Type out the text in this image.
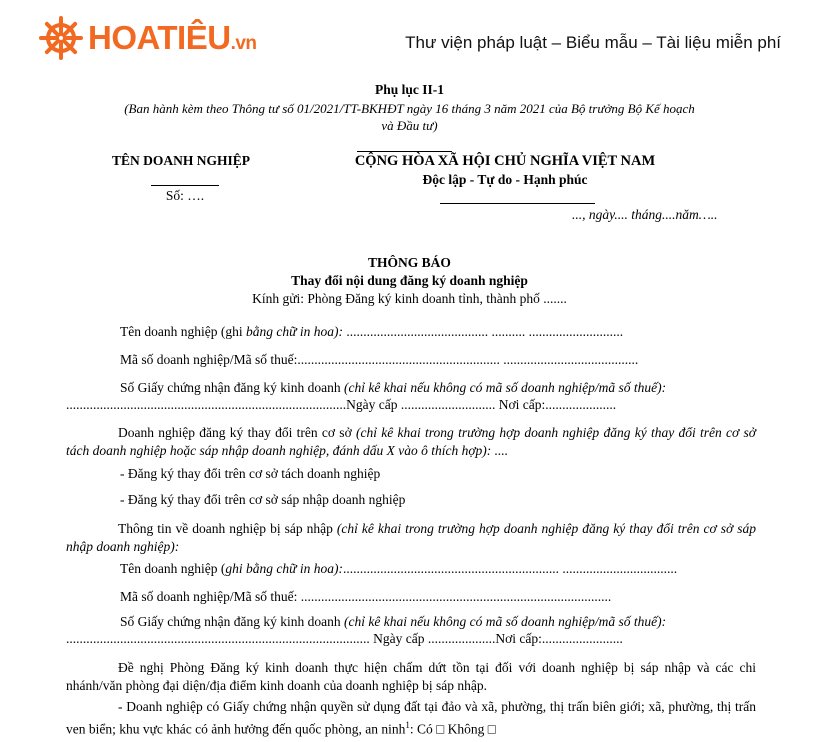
HOATIÊU.vn	Thư viện pháp luật – Biểu mẫu – Tài liệu miễn phí
Phụ lục II-1
(Ban hành kèm theo Thông tư số 01/2021/TT-BKHĐT ngày 16 tháng 3 năm 2021 của Bộ trưởng Bộ Kế hoạch
và Đầu tư)
TÊN DOANH NGHIỆP
Số: ….
CỘNG HÒA XÃ HỘI CHỦ NGHĨA VIỆT NAM
Độc lập - Tự do - Hạnh phúc
..., ngày.... tháng....năm…..
THÔNG BÁO
Thay đổi nội dung đăng ký doanh nghiệp
Kính gửi: Phòng Đăng ký kinh doanh tỉnh, thành phố .......
Tên doanh nghiệp (ghi bằng chữ in hoa): .......................................... .......... ............................
Mã số doanh nghiệp/Mã số thuế:............................................................ ........................................
Số Giấy chứng nhận đăng ký kinh doanh (chỉ kê khai nếu không có mã số doanh nghiệp/mã số thuế):
...................................................................................Ngày cấp ............................ Nơi cấp:.....................
Doanh nghiệp đăng ký thay đổi trên cơ sở (chỉ kê khai trong trường hợp doanh nghiệp đăng ký thay đổi trên cơ sở tách doanh nghiệp hoặc sáp nhập doanh nghiệp, đánh dấu X vào ô thích hợp): ....
- Đăng ký thay đổi trên cơ sở tách doanh nghiệp
- Đăng ký thay đổi trên cơ sở sáp nhập doanh nghiệp
Thông tin về doanh nghiệp bị sáp nhập (chỉ kê khai trong trường hợp doanh nghiệp đăng ký thay đổi trên cơ sở sáp nhập doanh nghiệp):
Tên doanh nghiệp (ghi bằng chữ in hoa):................................................................ ..................................
Mã số doanh nghiệp/Mã số thuế: ............................................................................................
Số Giấy chứng nhận đăng ký kinh doanh (chỉ kê khai nếu không có mã số doanh nghiệp/mã số thuế):
.......................................................................................... Ngày cấp ....................Nơi cấp:........................
Đề nghị Phòng Đăng ký kinh doanh thực hiện chấm dứt tồn tại đối với doanh nghiệp bị sáp nhập và các chi nhánh/văn phòng đại diện/địa điểm kinh doanh của doanh nghiệp bị sáp nhập.
- Doanh nghiệp có Giấy chứng nhận quyền sử dụng đất tại đảo và xã, phường, thị trấn biên giới; xã, phường, thị trấn ven biển; khu vực khác có ảnh hưởng đến quốc phòng, an ninh$^1$: Có □ Không □
